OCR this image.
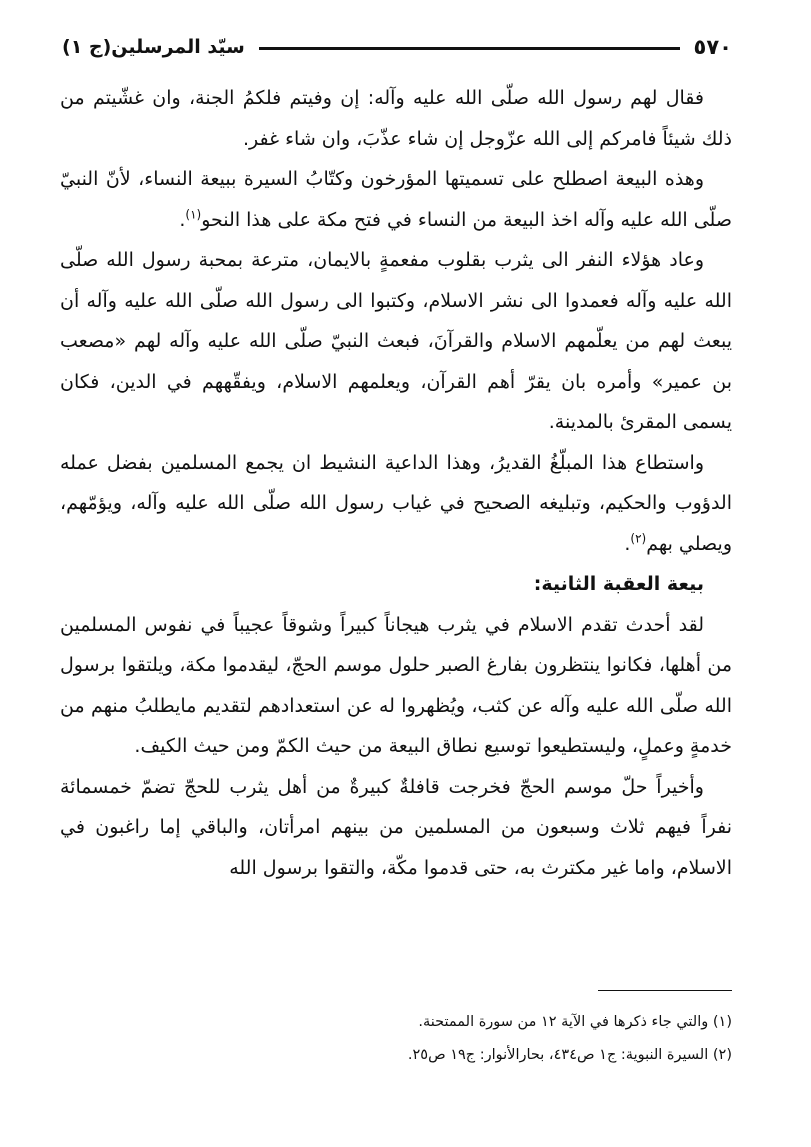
٥٧٠
سيّد المرسلين(ج ١)

فقال لهم رسول الله صلّى الله عليه وآله: إن وفيتم فلكمُ الجنة، وان غشّيتم من ذلك شيئاً فامركم إلى الله عزّوجل إن شاء عذّبَ، وان شاء غفر.

وهذه البيعة اصطلح على تسميتها المؤرخون وكتّابُ السيرة ببيعة النساء، لأنّ النبيّ صلّى الله عليه وآله اخذ البيعة من النساء في فتح مكة على هذا النحو$^{(١)}$.

وعاد هؤلاء النفر الى يثرب بقلوب مفعمةٍ بالايمان، مترعة بمحبة رسول الله صلّى الله عليه وآله فعمدوا الى نشر الاسلام، وكتبوا الى رسول الله صلّى الله عليه وآله أن يبعث لهم من يعلّمهم الاسلام والقرآنَ، فبعث النبيّ صلّى الله عليه وآله لهم «مصعب بن عمير» وأمره بان يقرّ أهم القرآن، ويعلمهم الاسلام، ويفقّههم في الدين، فكان يسمى المقرئ بالمدينة.

واستطاع هذا المبلّغُ القديرُ، وهذا الداعية النشيط ان يجمع المسلمين بفضل عمله الدؤوب والحكيم، وتبليغه الصحيح في غياب رسول الله صلّى الله عليه وآله، ويؤمّهم، ويصلي بهم$^{(٢)}$.

بيعة العقبة الثانية:

لقد أحدث تقدم الاسلام في يثرب هيجاناً كبيراً وشوقاً عجيباً في نفوس المسلمين من أهلها، فكانوا ينتظرون بفارغ الصبر حلول موسم الحجّ، ليقدموا مكة، ويلتقوا برسول الله صلّى الله عليه وآله عن كثب، ويُظهروا له عن استعدادهم لتقديم مايطلبُ منهم من خدمةٍ وعملٍ، وليستطيعوا توسيع نطاق البيعة من حيث الكمّ ومن حيث الكيف.

وأخيراً حلّ موسم الحجّ فخرجت قافلةٌ كبيرةٌ من أهل يثرب للحجّ تضمّ خمسمائة نفراً فيهم ثلاث وسبعون من المسلمين من بينهم امرأتان، والباقي إما راغبون في الاسلام، واما غير مكترث به، حتى قدموا مكّة، والتقوا برسول الله

(١) والتي جاء ذكرها في الآية ١٢ من سورة الممتحنة.

(٢) السيرة النبوية: ج١ ص٤٣٤، بحارالأنوار: ج١٩ ص٢٥.
